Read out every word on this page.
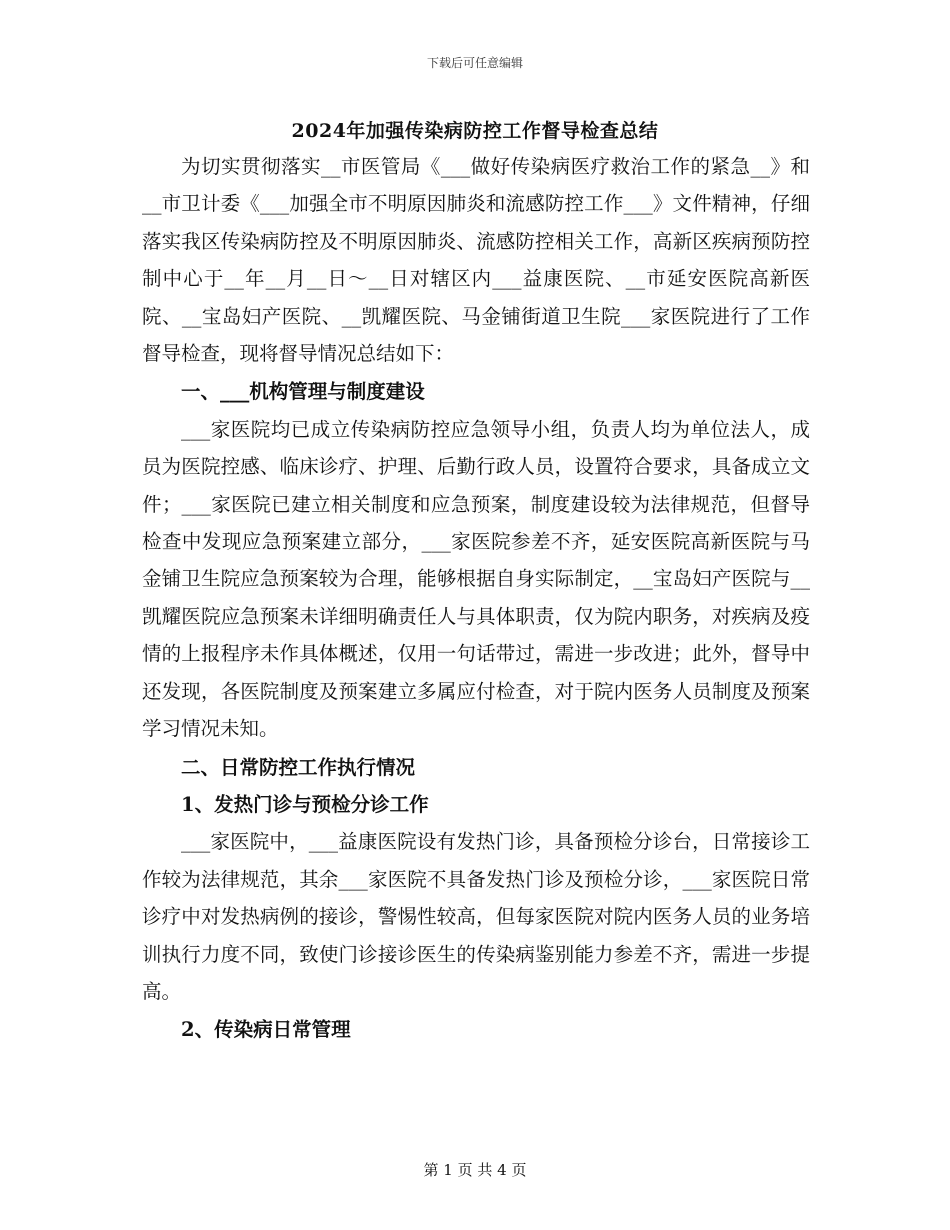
下载后可任意编辑
2024年加强传染病防控工作督导检查总结

为切实贯彻落实__市医管局《___做好传染病医疗救治工作的紧急__》和__市卫计委《___加强全市不明原因肺炎和流感防控工作___》文件精神，仔细落实我区传染病防控及不明原因肺炎、流感防控相关工作，高新区疾病预防控制中心于__年__月__日～__日对辖区内___益康医院、__市延安医院高新医院、__宝岛妇产医院、__凯耀医院、马金铺街道卫生院___家医院进行了工作督导检查，现将督导情况总结如下：

一、___机构管理与制度建设

___家医院均已成立传染病防控应急领导小组，负责人均为单位法人，成员为医院控感、临床诊疗、护理、后勤行政人员，设置符合要求，具备成立文件；___家医院已建立相关制度和应急预案，制度建设较为法律规范，但督导检查中发现应急预案建立部分，___家医院参差不齐，延安医院高新医院与马金铺卫生院应急预案较为合理，能够根据自身实际制定，__宝岛妇产医院与__凯耀医院应急预案未详细明确责任人与具体职责，仅为院内职务，对疾病及疫情的上报程序未作具体概述，仅用一句话带过，需进一步改进；此外，督导中还发现，各医院制度及预案建立多属应付检查，对于院内医务人员制度及预案学习情况未知。

二、日常防控工作执行情况
1、发热门诊与预检分诊工作

___家医院中，___益康医院设有发热门诊，具备预检分诊台，日常接诊工作较为法律规范，其余___家医院不具备发热门诊及预检分诊，___家医院日常诊疗中对发热病例的接诊，警惕性较高，但每家医院对院内医务人员的业务培训执行力度不同，致使门诊接诊医生的传染病鉴别能力参差不齐，需进一步提高。

2、传染病日常管理
第 1 页 共 4 页
